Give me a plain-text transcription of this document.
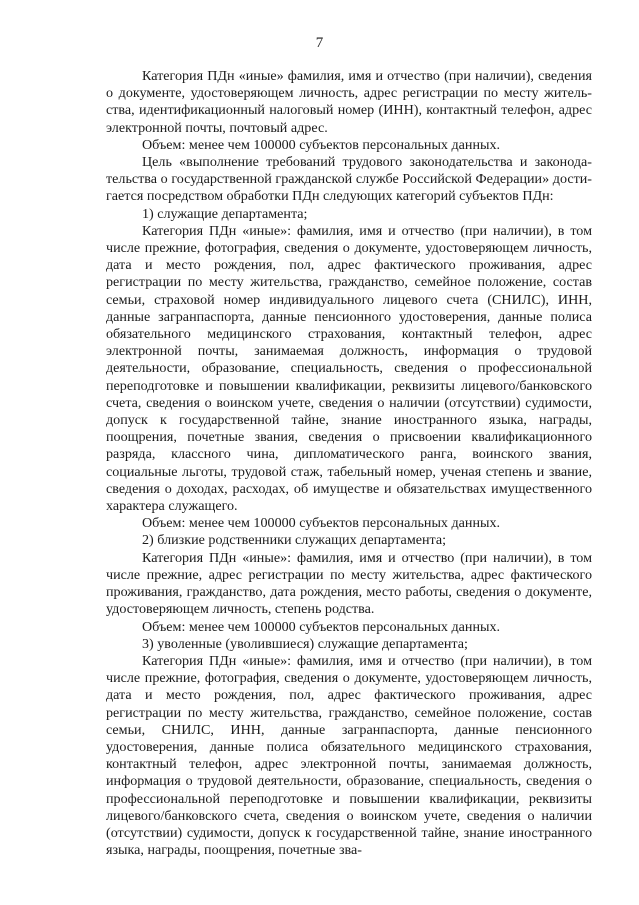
7

Категория ПДн «иные» фамилия, имя и отчество (при наличии), сведения о документе, удостоверяющем личность, адрес регистрации по месту жительства, идентификационный налоговый номер (ИНН), контактный телефон, адрес электронной почты, почтовый адрес.

Объем: менее чем 100000 субъектов персональных данных.

Цель «выполнение требований трудового законодательства и законодательства о государственной гражданской службе Российской Федерации» достигается посредством обработки ПДн следующих категорий субъектов ПДн:

1) служащие департамента;

Категория ПДн «иные»: фамилия, имя и отчество (при наличии), в том числе прежние, фотография, сведения о документе, удостоверяющем личность, дата и место рождения, пол, адрес фактического проживания, адрес регистрации по месту жительства, гражданство, семейное положение, состав семьи, страховой номер индивидуального лицевого счета (СНИЛС), ИНН, данные загранпаспорта, данные пенсионного удостоверения, данные полиса обязательного медицинского страхования, контактный телефон, адрес электронной почты, занимаемая должность, информация о трудовой деятельности, образование, специальность, сведения о профессиональной переподготовке и повышении квалификации, реквизиты лицевого/банковского счета, сведения о воинском учете, сведения о наличии (отсутствии) судимости, допуск к государственной тайне, знание иностранного языка, награды, поощрения, почетные звания, сведения о присвоении квалификационного разряда, классного чина, дипломатического ранга, воинского звания, социальные льготы, трудовой стаж, табельный номер, ученая степень и звание, сведения о доходах, расходах, об имуществе и обязательствах имущественного характера служащего.

Объем: менее чем 100000 субъектов персональных данных.

2) близкие родственники служащих департамента;

Категория ПДн «иные»: фамилия, имя и отчество (при наличии), в том числе прежние, адрес регистрации по месту жительства, адрес фактического проживания, гражданство, дата рождения, место работы, сведения о документе, удостоверяющем личность, степень родства.

Объем: менее чем 100000 субъектов персональных данных.

3) уволенные (уволившиеся) служащие департамента;

Категория ПДн «иные»: фамилия, имя и отчество (при наличии), в том числе прежние, фотография, сведения о документе, удостоверяющем личность, дата и место рождения, пол, адрес фактического проживания, адрес регистрации по месту жительства, гражданство, семейное положение, состав семьи, СНИЛС, ИНН, данные загранпаспорта, данные пенсионного удостоверения, данные полиса обязательного медицинского страхования, контактный телефон, адрес электронной почты, занимаемая должность, информация о трудовой деятельности, образование, специальность, сведения о профессиональной переподготовке и повышении квалификации, реквизиты лицевого/банковского счета, сведения о воинском учете, сведения о наличии (отсутствии) судимости, допуск к государственной тайне, знание иностранного языка, награды, поощрения, почетные зва-
